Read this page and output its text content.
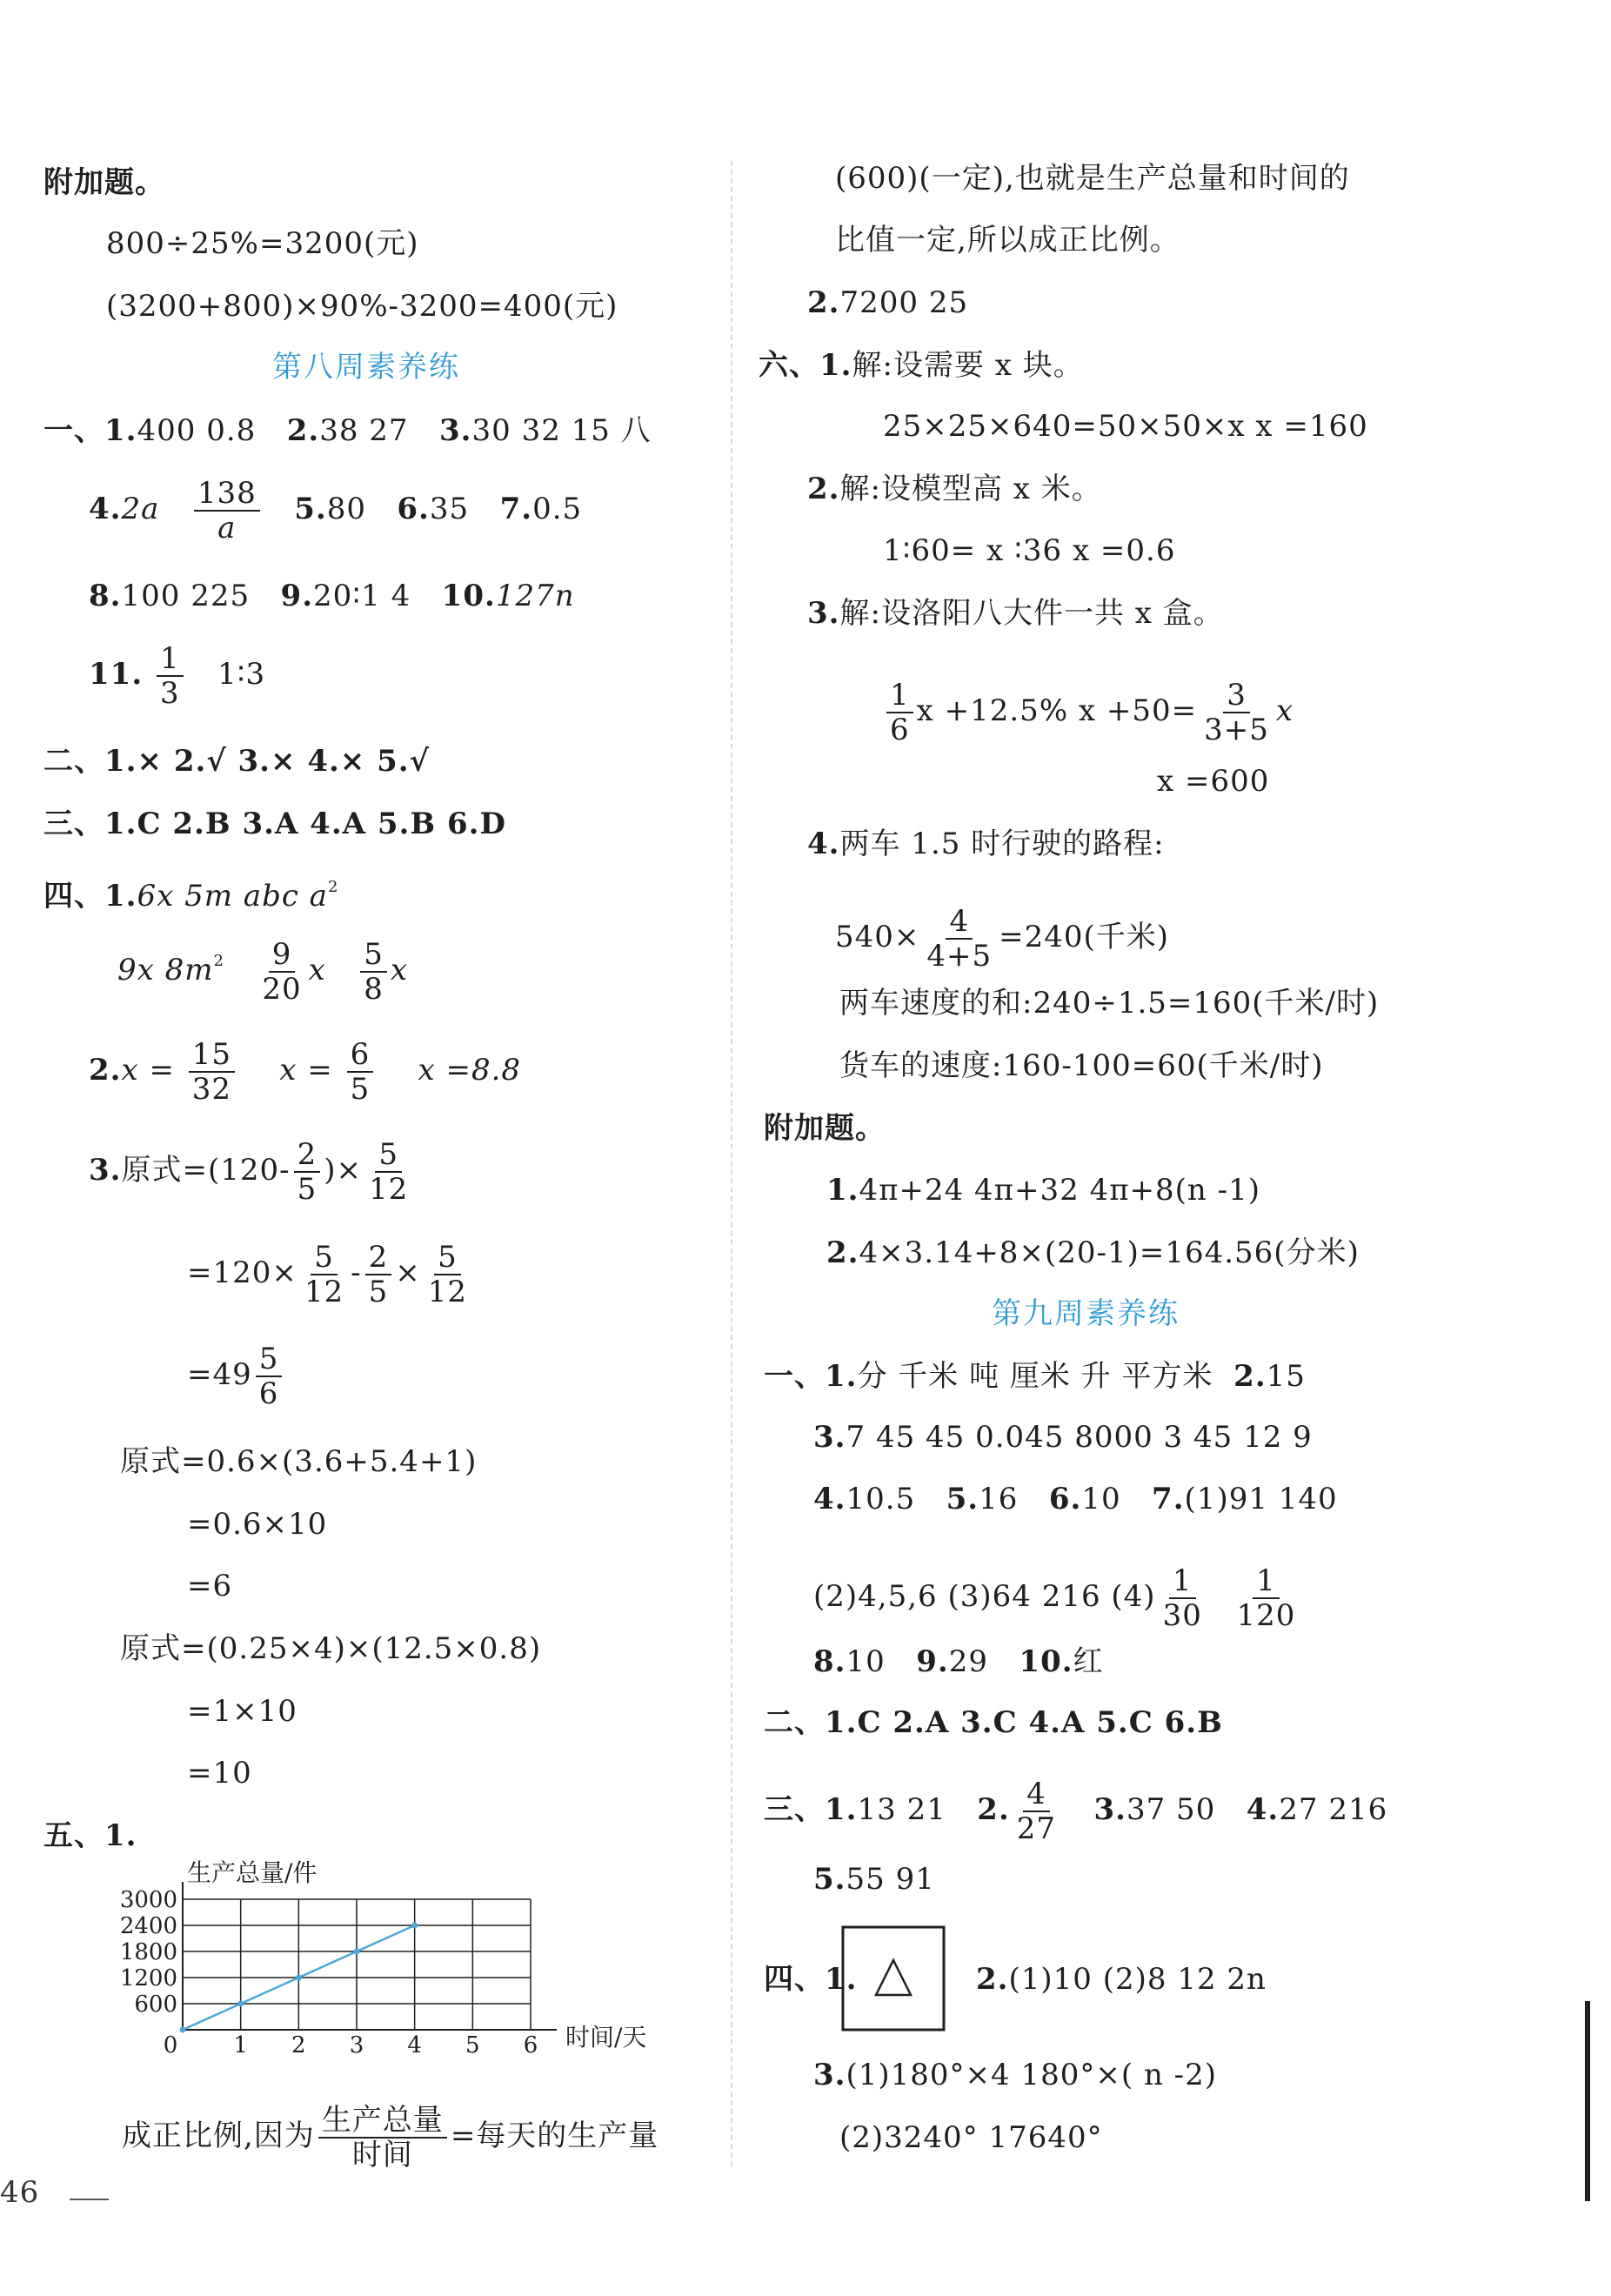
附加题。
800÷25%=3200(元)
(3200+800)×90%-3200=400(元)
第八周素养练
一、1.400 0.8 2.38 27 3.30 32 15 八
$4.2a \frac{138}{a} 5.80$ 6.35 7.0.5
8.100 225 9.20∶1 4 10.127n
11. $\frac{1}{3}$ 1∶3
二、1.× 2.√ 3.× 4.× 5.√
三、1.C 2.B 3.A 4.A 5.B 6.D
四、1.6x 5m abc $a^2$
9x $8m^2 \frac{9}{20}$ x $\frac{5}{8}$ x
$2.x = \frac{15}{32}$ $x = \frac{6}{5}$ x =8.8
3.原式$=(120- \frac{2}{5}$ )× $\frac{5}{12}$
$=120\times \frac{5}{12} - \frac{2}{5} \times \frac{5}{12}$
$=49 \frac{5}{6}$
原式=0.6×(3.6+5.4+1)
=0.6×10
=6
原式=(0.25×4)×(12.5×0.8)
=1×10
=10
五、1.
600
1200
1800
2400
3000
0 1 2 3 4 5 6
生产总量/件
时间/天
成正比例,因为 $\frac{\text{生产总量}}{\text{时间}}$ =每天的生产量
46
(600)(一定),也就是生产总量和时间的
比值一定,所以成正比例。
2.7200 25
六、1.解:设需要 x 块。
25×25×640=50×50×x x =160
2.解:设模型高 x 米。
1∶60= x ∶36 x =0.6
3.解:设洛阳八大件一共 x 盒。
$\frac{1}{6}$ x +12.5% $x +50= \frac{3}{3+5}$ x
x =600
4.两车 1.5 时行驶的路程:
$540\times \frac{4}{4+5} =240$(千米)
两车速度的和:240÷1.5=160(千米/时)
货车的速度:160-100=60(千米/时)
附加题。
1.4π+24 4π+32 4π+8(n -1)
2.4×3.14+8×(20-1)=164.56(分米)
第九周素养练
一、1.分 千米 吨 厘米 升 平方米 2.15
3.7 45 45 0.045 8000 3 45 12 9
4.10.5 5.16 6.10 7.(1)91 140
(2)4,5,6 (3)64 216 $(4) \frac{1}{30}$
$\frac{1}{120}$
8.10 9.29 10.红
二、1.C 2.A 3.C 4.A 5.C 6.B
三、1.13 21 2. $\frac{4}{27} 3.37$ 50 4.27 216
5.55 91
四、1.	2.(1)10 (2)8 12 2n
3.(1)180°×4 180°×( n -2)
(2)3240° 17640°
